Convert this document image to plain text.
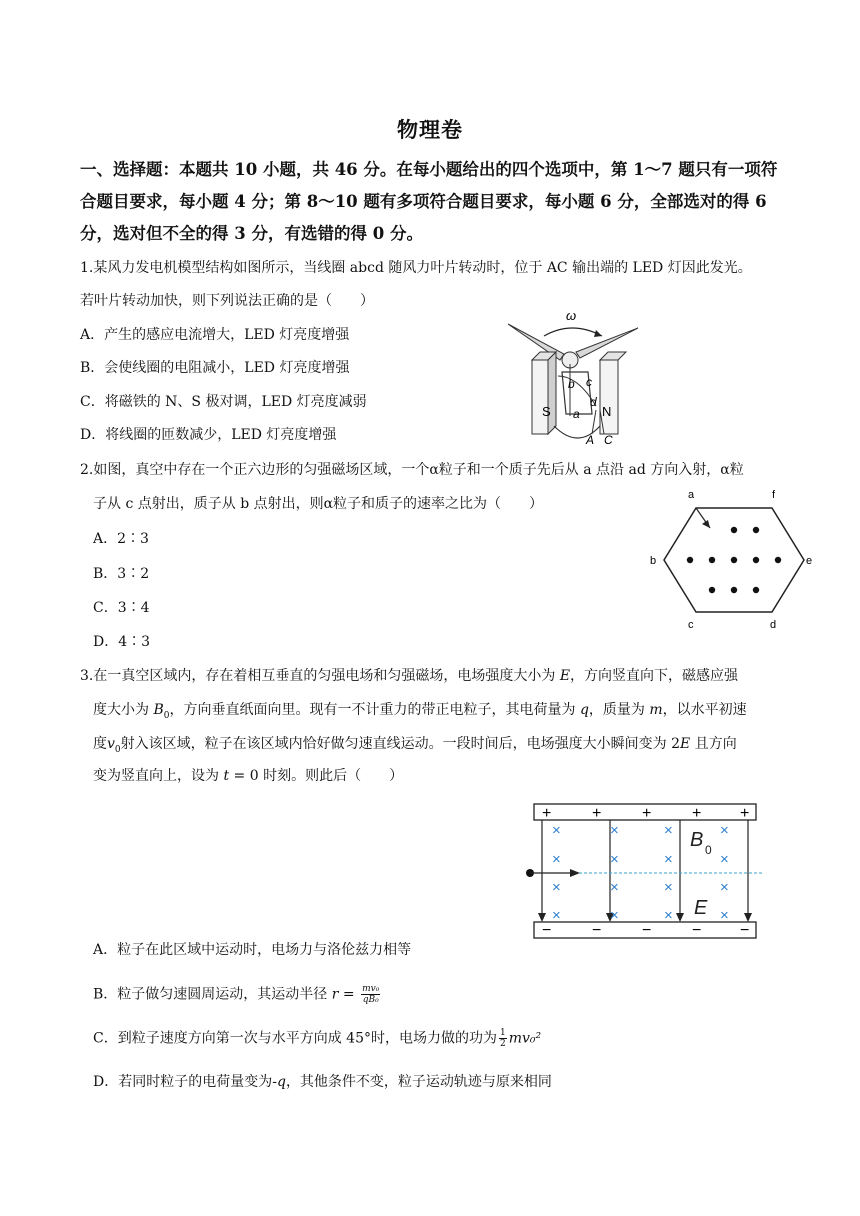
物理卷
一、选择题：本题共 10 小题，共 46 分。在每小题给出的四个选项中，第 1～7 题只有一项符
合题目要求，每小题 4 分；第 8～10 题有多项符合题目要求，每小题 6 分，全部选对的得 6
分，选对但不全的得 3 分，有选错的得 0 分。
1.某风力发电机模型结构如图所示，当线圈 abcd 随风力叶片转动时，位于 AC 输出端的 LED 灯因此发光。
若叶片转动加快，则下列说法正确的是（　　）
A．产生的感应电流增大，LED 灯亮度增强
B．会使线圈的电阻减小，LED 灯亮度增强
C．将磁铁的 N、S 极对调，LED 灯亮度减弱
D．将线圈的匝数减少，LED 灯亮度增强
ω
S	N
b c
d
a
A C
2.如图，真空中存在一个正六边形的匀强磁场区域，一个α粒子和一个质子先后从 a 点沿 ad 方向入射，α粒
子从 c 点射出，质子从 b 点射出，则α粒子和质子的速率之比为（　　）
A．2∶3
B．3∶2
C．3∶4
D．4∶3
a	f
b	e
c	d
3.在一真空区域内，存在着相互垂直的匀强电场和匀强磁场，电场强度大小为 E，方向竖直向下，磁感应强
度大小为 $B_0$，方向垂直纸面向里。现有一不计重力的带正电粒子，其电荷量为 q，质量为 m，以水平初速
度$v_0$射入该区域，粒子在该区域内恰好做匀速直线运动。一段时间后，电场强度大小瞬间变为 2E 且方向
变为竖直向上，设为 t = 0 时刻。则此后（　　）
+	+	+	+ +
−	−	−	− −
×
×
×
×
×
×
×
×
×
×
×
×
×
×
×
×
B 0
E
A．粒子在此区域中运动时，电场力与洛伦兹力相等
B．粒子做匀速圆周运动，其运动半径 $r = \frac{\text{mv₀}}{\text{qB₀}}$
C．到粒子速度方向第一次与水平方向成 45°时，电场力做的功为 $\frac{1}{2} mv_0^2$
D．若同时粒子的电荷量变为-q，其他条件不变，粒子运动轨迹与原来相同
